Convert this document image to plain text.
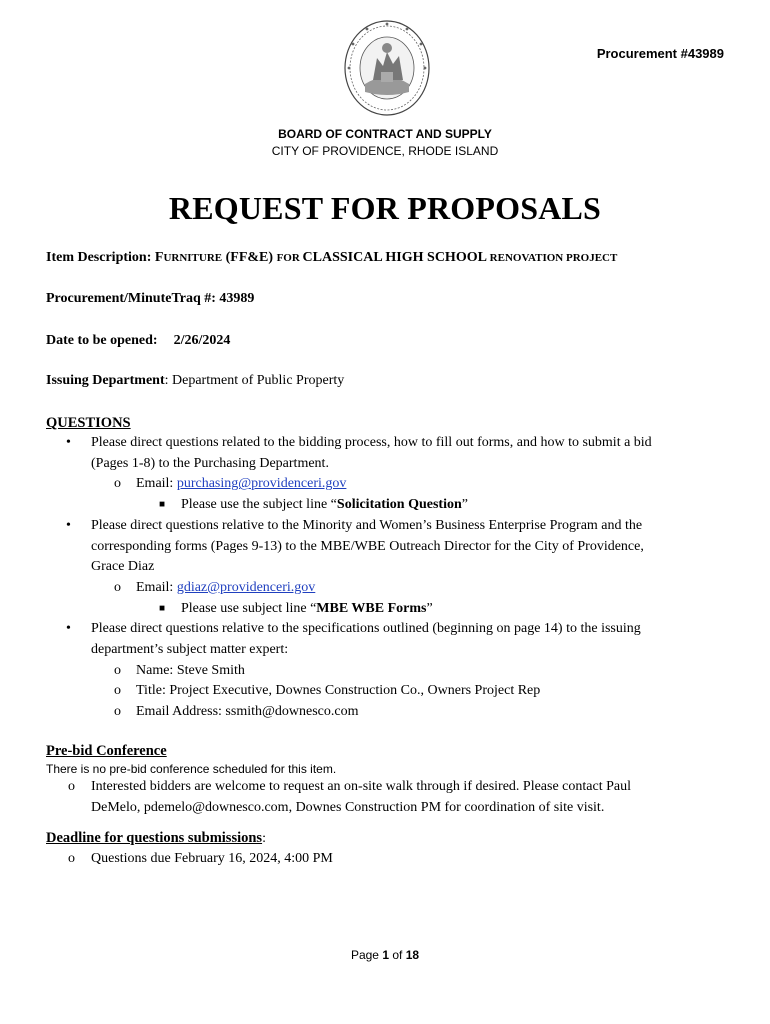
Procurement #43989
BOARD OF CONTRACT AND SUPPLY
CITY OF PROVIDENCE, RHODE ISLAND
REQUEST FOR PROPOSALS
Item Description: FURNITURE (FF&E) FOR CLASSICAL HIGH SCHOOL RENOVATION PROJECT
Procurement/MinuteTraq #: 43989
Date to be opened: 2/26/2024
Issuing Department: Department of Public Property
QUESTIONS
• Please direct questions related to the bidding process, how to fill out forms, and how to submit a bid
(Pages 1-8) to the Purchasing Department.
o Email: purchasing@providenceri.gov
■ Please use the subject line “Solicitation Question”
• Please direct questions relative to the Minority and Women’s Business Enterprise Program and the
corresponding forms (Pages 9-13) to the MBE/WBE Outreach Director for the City of Providence,
Grace Diaz
o Email: gdiaz@providenceri.gov
■ Please use subject line “MBE WBE Forms”
• Please direct questions relative to the specifications outlined (beginning on page 14) to the issuing
department’s subject matter expert:
o Name: Steve Smith
o Title: Project Executive, Downes Construction Co., Owners Project Rep
o Email Address: ssmith@downesco.com
Pre-bid Conference
There is no pre-bid conference scheduled for this item.
o Interested bidders are welcome to request an on-site walk through if desired. Please contact Paul
DeMelo, pdemelo@downesco.com, Downes Construction PM for coordination of site visit.
Deadline for questions submissions:
o Questions due February 16, 2024, 4:00 PM
Page 1 of 18
